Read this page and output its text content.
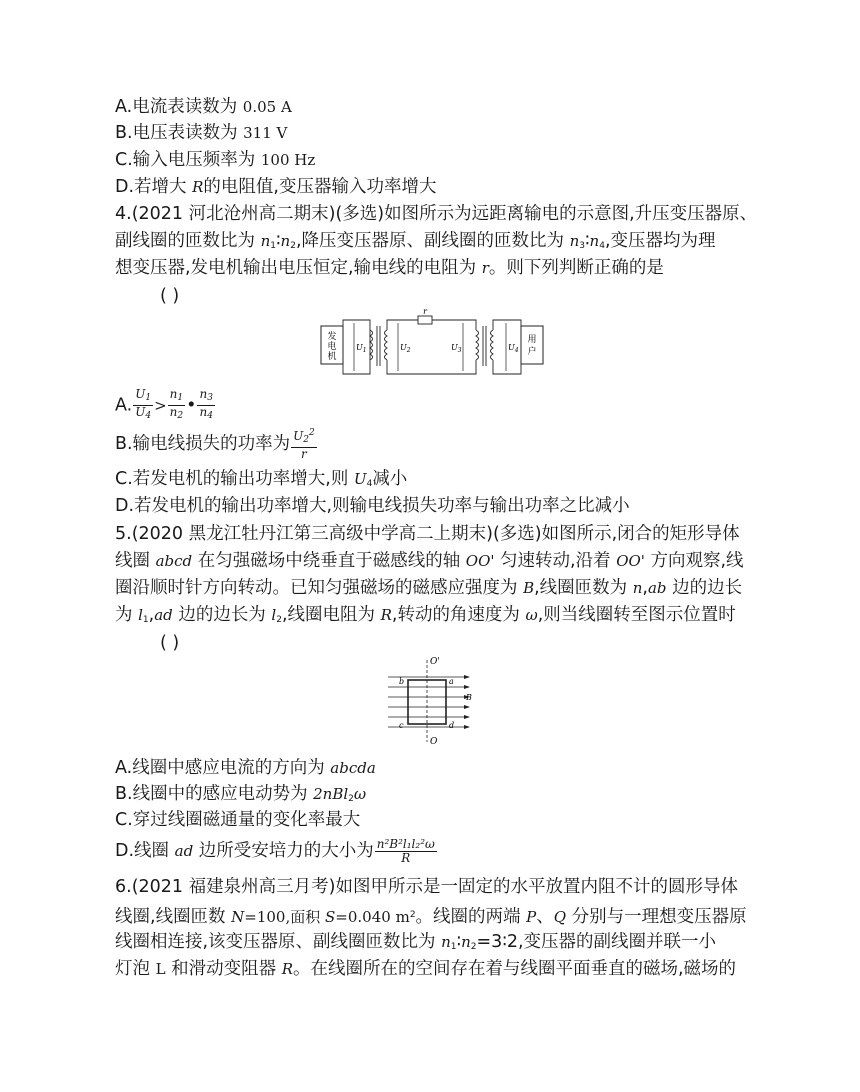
A.电流表读数为 0.05 A
B.电压表读数为 311 V
C.输入电压频率为 100 Hz
D.若增大 R的电阻值,变压器输入功率增大
4.(2021 河北沧州高二期末)(多选)如图所示为远距离输电的示意图,升压变压器原、
副线圈的匝数比为 $n_1∶n_2$,降压变压器原、副线圈的匝数比为 $n_3∶n_4$,变压器均为理
想变压器,发电机输出电压恒定,输电线的电阻为 r。则下列判断正确的是
( )
发
电
机
用
户
r
$U_1$	$U_2$	$U_3$	$U_4$
A. $\frac{U_1}{U_4} > \frac{n_1}{n_2}$ • $\frac{n_3}{n_4}$
B.输电线损失的功率为 $\frac{U_2^2}{r}$
C.若发电机的输出功率增大,则 $U_4$减小
D.若发电机的输出功率增大,则输电线损失功率与输出功率之比减小
5.(2020 黑龙江牡丹江第三高级中学高二上期末)(多选)如图所示,闭合的矩形导体
线圈 abcd 在匀强磁场中绕垂直于磁感线的轴 OO' 匀速转动,沿着 OO' 方向观察,线
圈沿顺时针方向转动。已知匀强磁场的磁感应强度为 B,线圈匝数为 n,ab 边的边长
为 $l_1,ad$ 边的边长为 $l_2$,线圈电阻为 R,转动的角速度为 ω,则当线圈转至图示位置时
( )
O'
O
b	a
c	d
B
A.线圈中感应电流的方向为 abcda
B.线圈中的感应电动势为 2nBl$_2$ω
C.穿过线圈磁通量的变化率最大
D.线圈 ad 边所受安培力的大小为 $\frac{\text{n²B²l₁l₂²ω}}{R}$
6.(2021 福建泉州高三月考)如图甲所示是一固定的水平放置内阻不计的圆形导体
线圈,线圈匝数 N=100,面积 S=0.040 $m^2$。线圈的两端 P、Q 分别与一理想变压器原
线圈相连接,该变压器原、副线圈匝数比为 $n_1∶n_2=3∶2$,变压器的副线圈并联一小
灯泡 L 和滑动变阻器 R。在线圈所在的空间存在着与线圈平面垂直的磁场,磁场的
